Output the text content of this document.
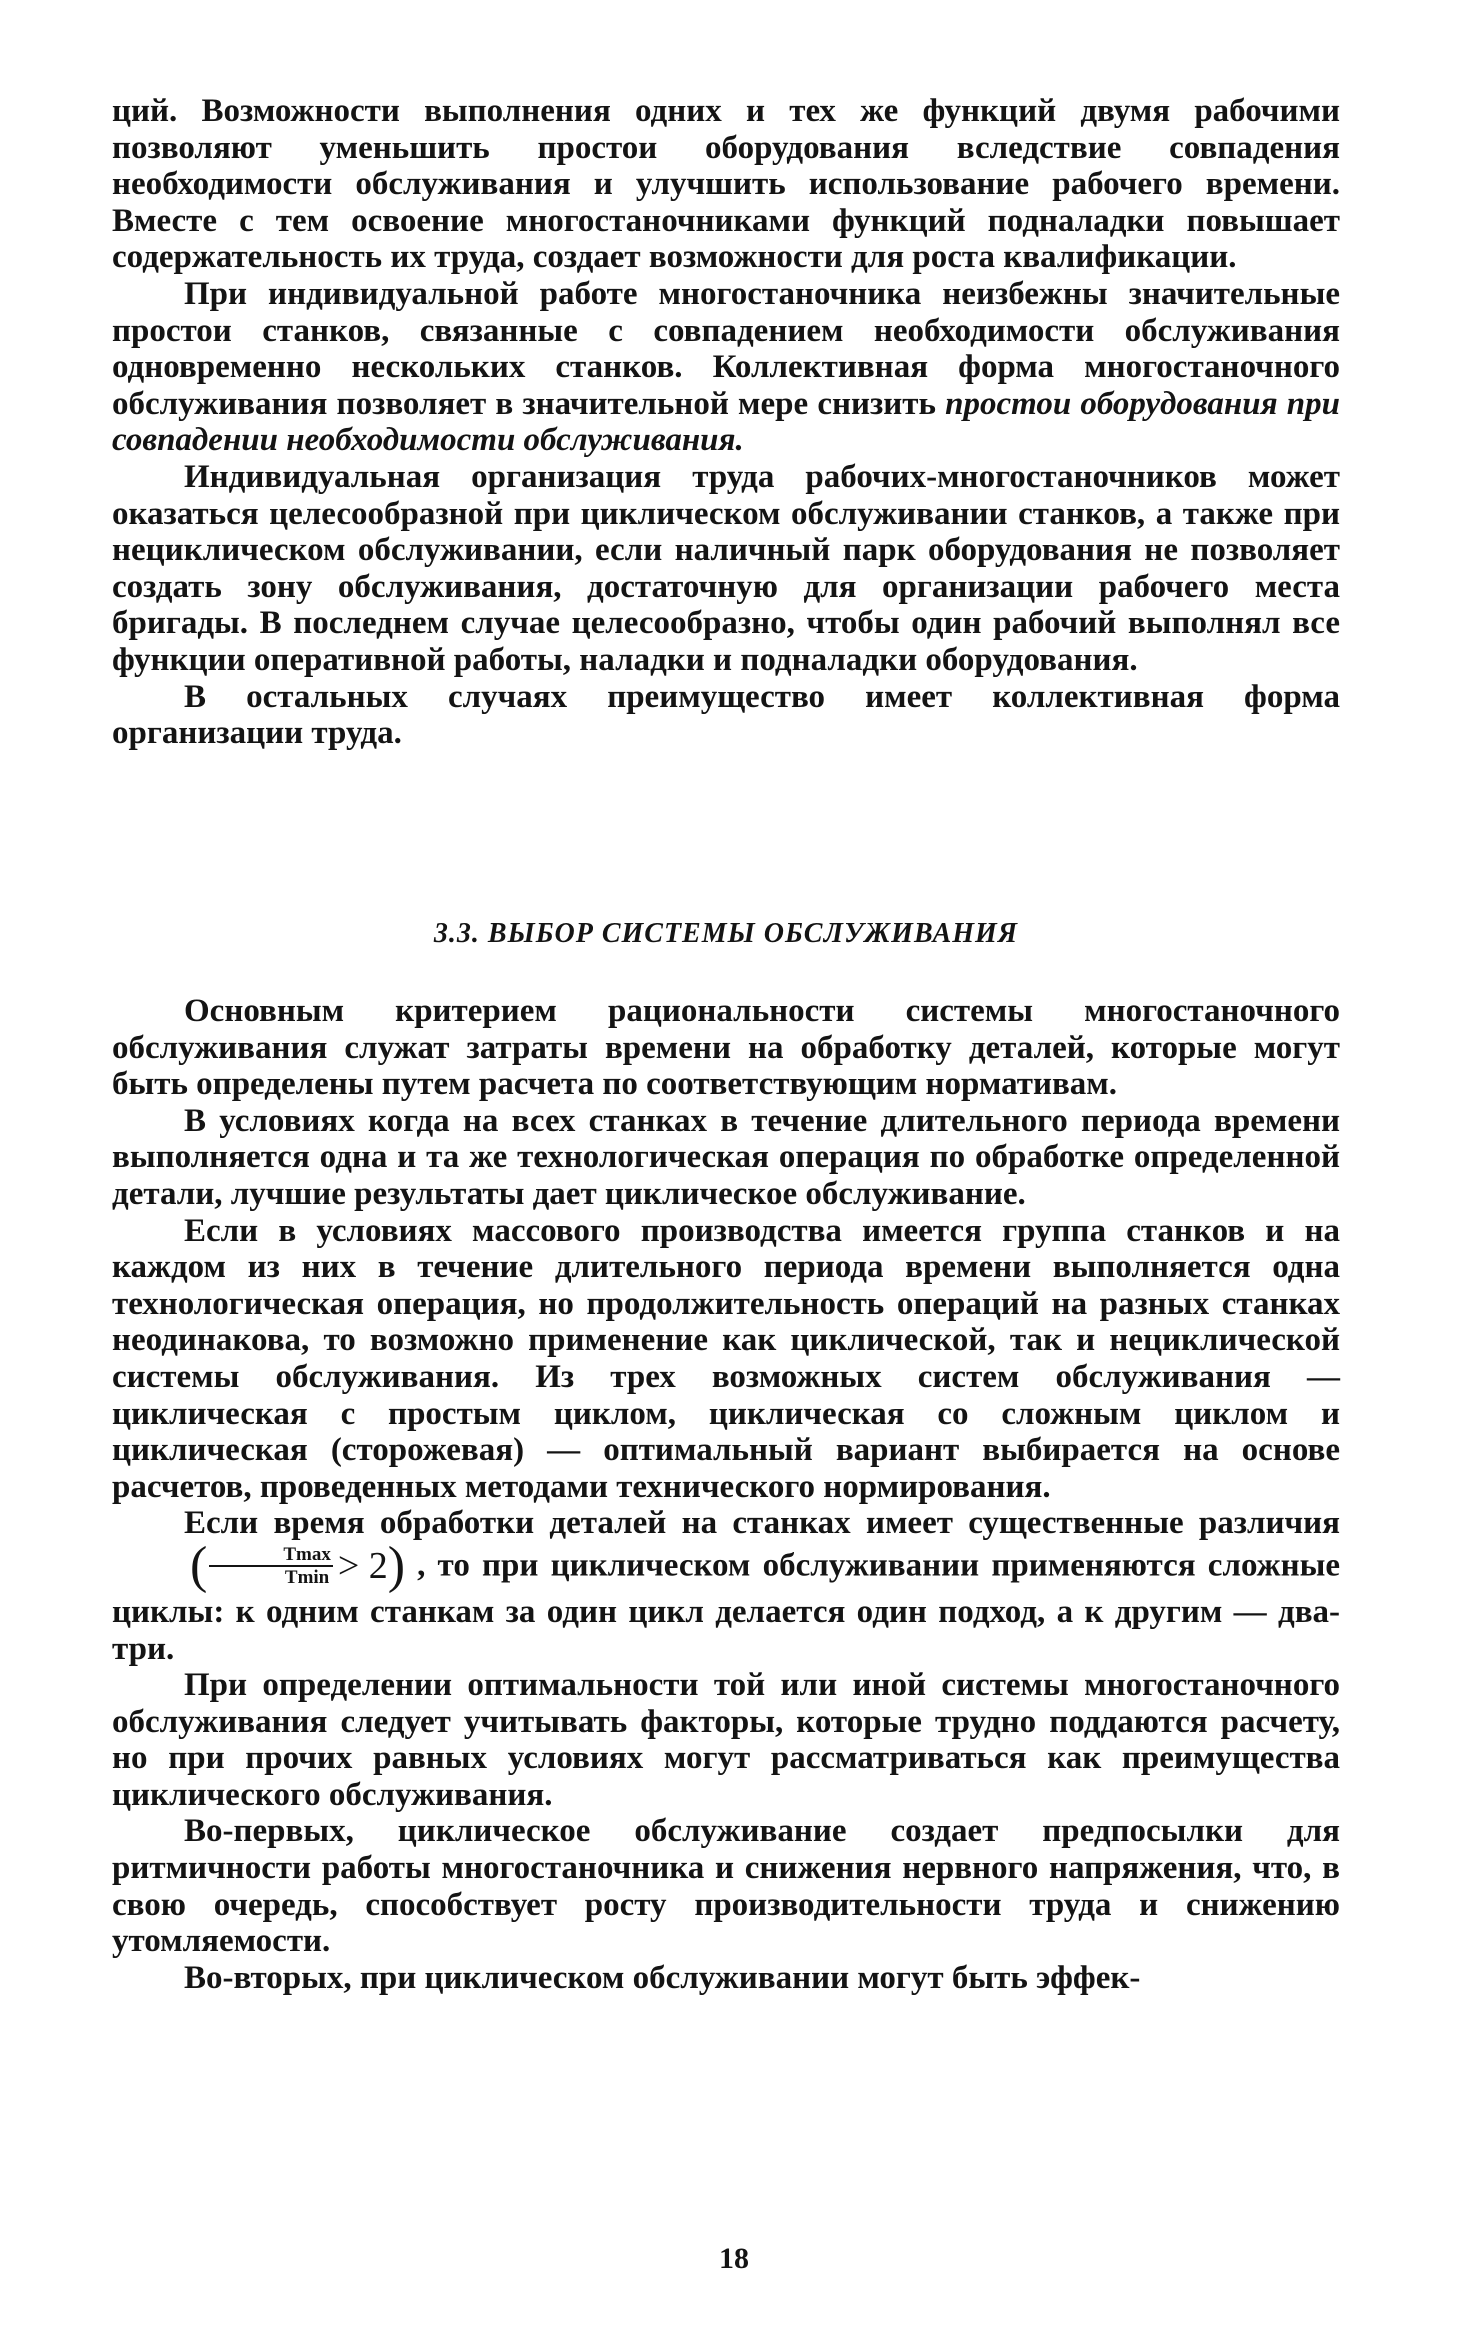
ций. Возможности выполнения одних и тех же функций двумя рабочими позволяют уменьшить простои оборудования вследствие совпадения необходимости обслуживания и улучшить использование рабочего времени. Вместе с тем освоение многостаночниками функций подналадки повышает содержательность их труда, создает возможности для роста квалификации.

При индивидуальной работе многостаночника неизбежны значительные простои станков, связанные с совпадением необходимости обслуживания одновременно нескольких станков. Коллективная форма многостаночного обслуживания позволяет в значительной мере снизить простои оборудования при совпадении необходимости обслуживания.

Индивидуальная организация труда рабочих-многостаночников может оказаться целесообразной при циклическом обслуживании станков, а также при нециклическом обслуживании, если наличный парк оборудования не позволяет создать зону обслуживания, достаточную для организации рабочего места бригады. В последнем случае целесообразно, чтобы один рабочий выполнял все функции оперативной работы, наладки и подналадки оборудования.

В остальных случаях преимущество имеет коллективная форма организации труда.

3.3. ВЫБОР СИСТЕМЫ ОБСЛУЖИВАНИЯ

Основным критерием рациональности системы многостаночного обслуживания служат затраты времени на обработку деталей, которые могут быть определены путем расчета по соответствующим нормативам.

В условиях когда на всех станках в течение длительного периода времени выполняется одна и та же технологическая операция по обработке определенной детали, лучшие результаты дает цикличеcкое обслуживание.

Если в условиях массового производства имеется группа станков и на каждом из них в течение длительного периода времени выполняется одна технологическая операция, но продолжительность операций на разных станках неодинакова, то возможно применение как циклической, так и нециклической системы обслуживания. Из трех возможных систем обслуживания — циклическая с простым циклом, циклическая со сложным циклом и циклическая (сторожевая) — оптимальный вариант выбирается на основе расчетов, проведенных методами технического нормирования.

Если время обработки деталей на станках имеет существенные различия( $\frac{Tmax}{Tmin} > 2$) , то при циклическом обслуживании применяются сложные циклы: к одним станкам за один цикл делается один подход, а к другим — два-три.

При определении оптимальности той или иной системы многостаночного обслуживания следует учитывать факторы, которые трудно поддаются расчету, но при прочих равных условиях могут рассматриваться как преимущества циклического обслуживания.

Во-первых, циклическое обслуживание создает предпосылки для ритмичности работы многостаночника и снижения нервного напряжения, что, в свою очередь, способствует росту производительности труда и снижению утомляемости.

Во-вторых, при циклическом обслуживании могут быть эффек-

18
